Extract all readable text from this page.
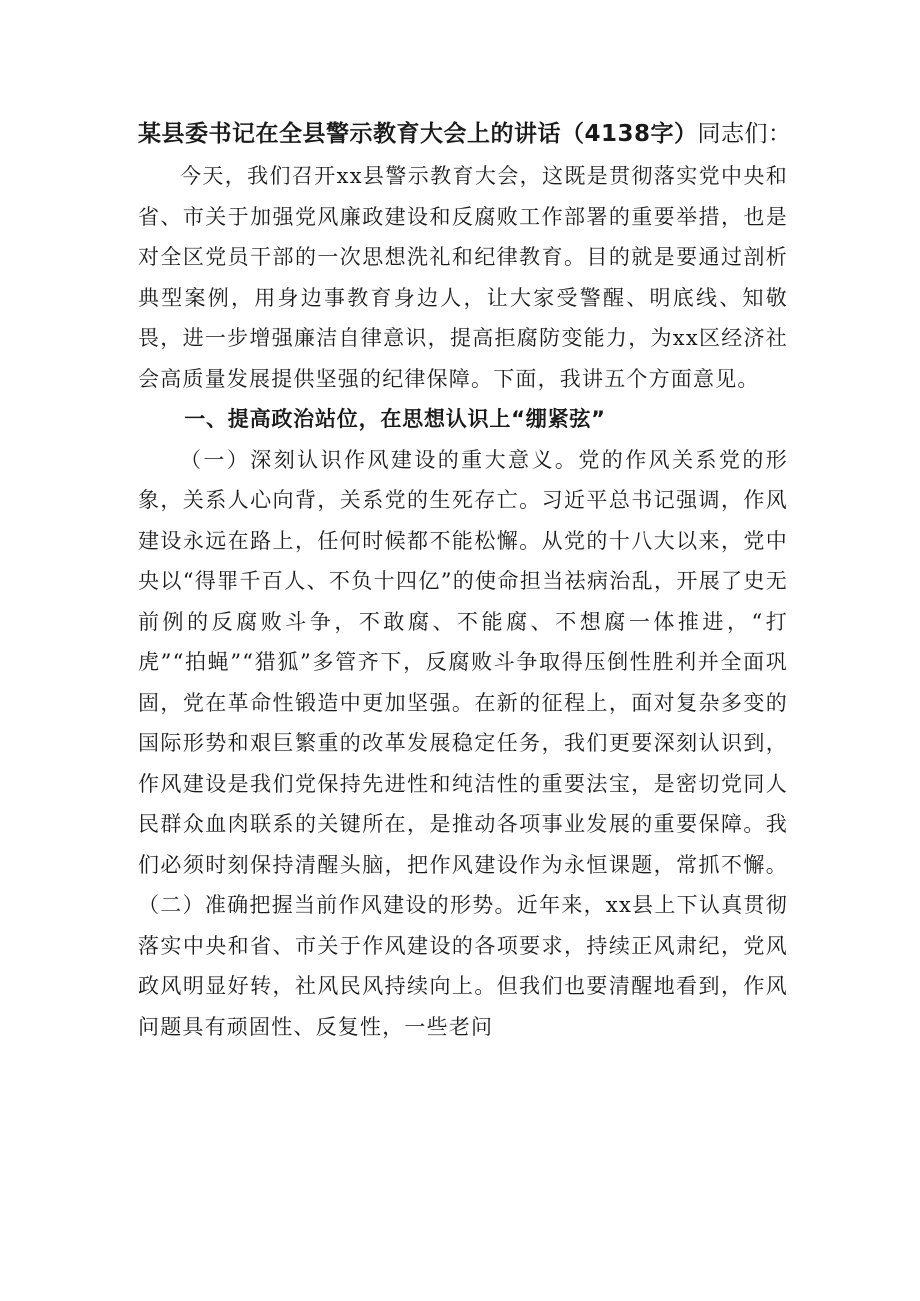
某县委书记在全县警示教育大会上的讲话（4138字）同志们：

今天，我们召开xx县警示教育大会，这既是贯彻落实党中央和省、市关于加强党风廉政建设和反腐败工作部署的重要举措，也是对全区党员干部的一次思想洗礼和纪律教育。目的就是要通过剖析典型案例，用身边事教育身边人，让大家受警醒、明底线、知敬畏，进一步增强廉洁自律意识，提高拒腐防变能力，为xx区经济社会高质量发展提供坚强的纪律保障。下面，我讲五个方面意见。

一、提高政治站位，在思想认识上“绷紧弦”

（一）深刻认识作风建设的重大意义。党的作风关系党的形象，关系人心向背，关系党的生死存亡。习近平总书记强调，作风建设永远在路上，任何时候都不能松懈。从党的十八大以来，党中央以“得罪千百人、不负十四亿”的使命担当祛病治乱，开展了史无前例的反腐败斗争，不敢腐、不能腐、不想腐一体推进，“打虎”“拍蝇”“猎狐”多管齐下，反腐败斗争取得压倒性胜利并全面巩固，党在革命性锻造中更加坚强。在新的征程上，面对复杂多变的国际形势和艰巨繁重的改革发展稳定任务，我们更要深刻认识到，作风建设是我们党保持先进性和纯洁性的重要法宝，是密切党同人民群众血肉联系的关键所在，是推动各项事业发展的重要保障。我们必须时刻保持清醒头脑，把作风建设作为永恒课题，常抓不懈。（二）准确把握当前作风建设的形势。近年来，xx县上下认真贯彻落实中央和省、市关于作风建设的各项要求，持续正风肃纪，党风政风明显好转，社风民风持续向上。但我们也要清醒地看到，作风问题具有顽固性、反复性，一些老问
